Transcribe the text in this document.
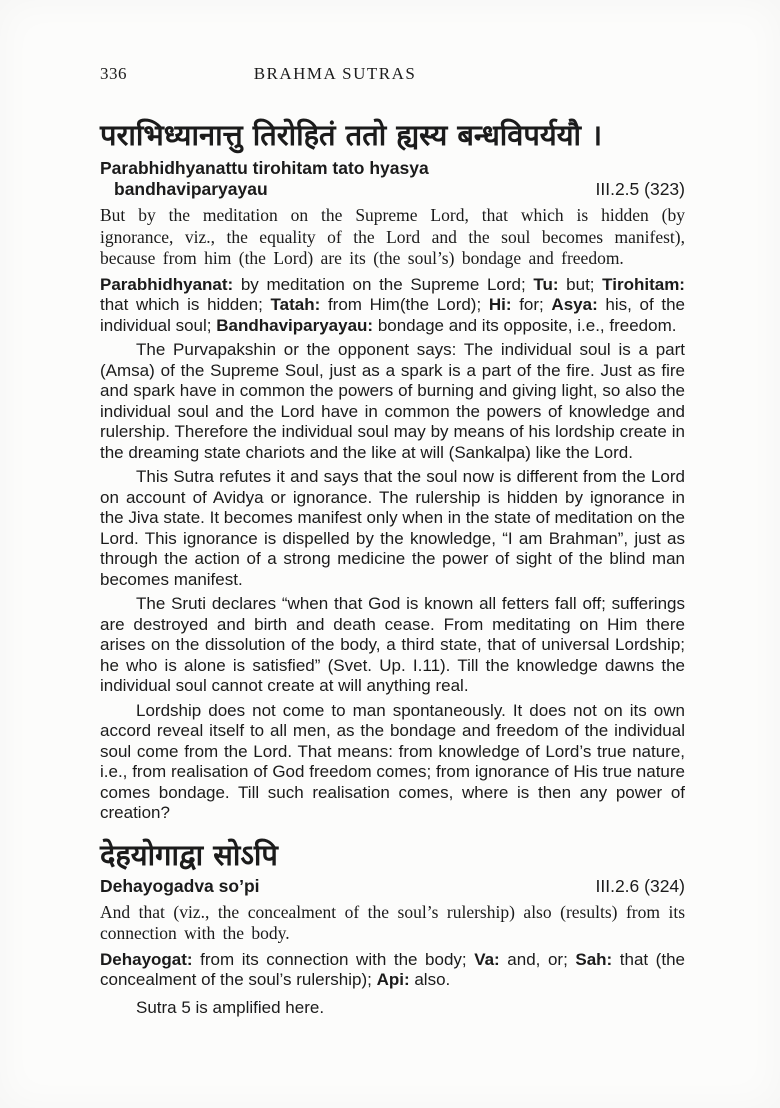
336	BRAHMA SUTRAS
पराभिध्यानात्तु तिरोहितं ततो ह्यस्य बन्धविपर्ययौ ।
Parabhidhyanattu tirohitam tato hyasya
bandhaviparyayau	III.2.5 (323)

But by the meditation on the Supreme Lord, that which is hidden (by ignorance, viz., the equality of the Lord and the soul becomes manifest), because from him (the Lord) are its (the soul’s) bondage and freedom.

Parabhidhyanat: by meditation on the Supreme Lord; Tu: but; Tirohitam: that which is hidden; Tatah: from Him(the Lord); Hi: for; Asya: his, of the individual soul; Bandhaviparyayau: bondage and its opposite, i.e., freedom.

The Purvapakshin or the opponent says: The individual soul is a part (Amsa) of the Supreme Soul, just as a spark is a part of the fire. Just as fire and spark have in common the powers of burning and giving light, so also the individual soul and the Lord have in common the powers of knowledge and rulership. Therefore the individual soul may by means of his lordship create in the dreaming state chariots and the like at will (Sankalpa) like the Lord.

This Sutra refutes it and says that the soul now is different from the Lord on account of Avidya or ignorance. The rulership is hidden by ignorance in the Jiva state. It becomes manifest only when in the state of meditation on the Lord. This ignorance is dispelled by the knowledge, “I am Brahman”, just as through the action of a strong medicine the power of sight of the blind man becomes manifest.

The Sruti declares “when that God is known all fetters fall off; sufferings are destroyed and birth and death cease. From meditating on Him there arises on the dissolution of the body, a third state, that of universal Lordship; he who is alone is satisfied” (Svet. Up. I.11). Till the knowledge dawns the individual soul cannot create at will anything real.

Lordship does not come to man spontaneously. It does not on its own accord reveal itself to all men, as the bondage and freedom of the individual soul come from the Lord. That means: from knowledge of Lord’s true nature, i.e., from realisation of God freedom comes; from ignorance of His true nature comes bondage. Till such realisation comes, where is then any power of creation?

देहयोगाद्वा सोऽपि
Dehayogadva so’pi	III.2.6 (324)

And that (viz., the concealment of the soul’s rulership) also (results) from its connection with the body.

Dehayogat: from its connection with the body; Va: and, or; Sah: that (the concealment of the soul’s rulership); Api: also.

Sutra 5 is amplified here.
